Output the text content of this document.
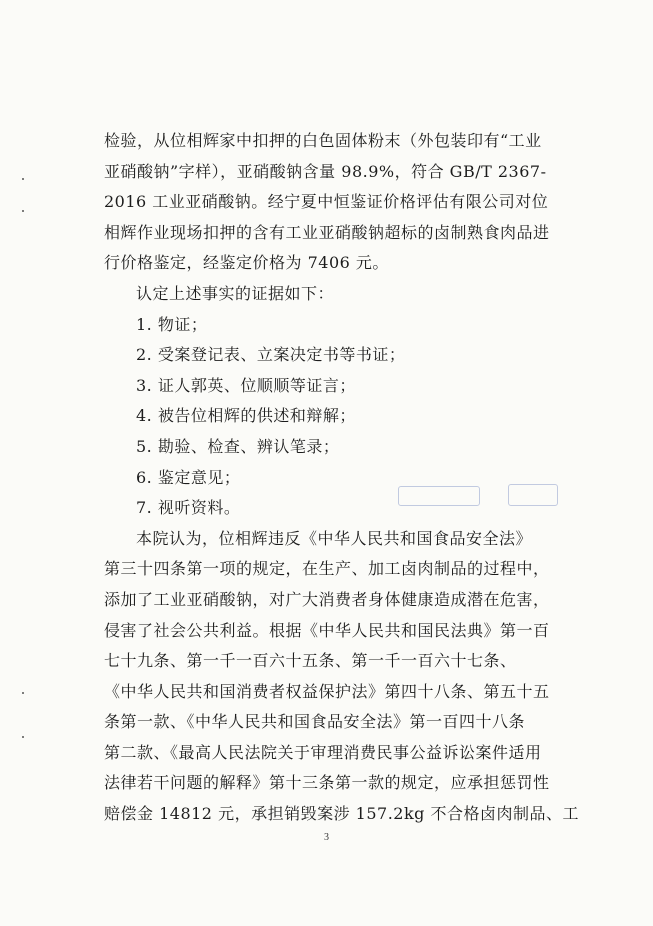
检验，从位相辉家中扣押的白色固体粉末（外包装印有“工业
亚硝酸钠”字样），亚硝酸钠含量 98.9%，符合 GB/T 2367-
2016 工业亚硝酸钠。经宁夏中恒鉴证价格评估有限公司对位
相辉作业现场扣押的含有工业亚硝酸钠超标的卤制熟食肉品进
行价格鉴定，经鉴定价格为 7406 元。
认定上述事实的证据如下：
1. 物证；
2. 受案登记表、立案决定书等书证；
3. 证人郭英、位顺顺等证言；
4. 被告位相辉的供述和辩解；
5. 勘验、检查、辨认笔录；
6. 鉴定意见；
7. 视听资料。
本院认为，位相辉违反《中华人民共和国食品安全法》
第三十四条第一项的规定，在生产、加工卤肉制品的过程中，
添加了工业亚硝酸钠，对广大消费者身体健康造成潜在危害，
侵害了社会公共利益。根据《中华人民共和国民法典》第一百
七十九条、第一千一百六十五条、第一千一百六十七条、
《中华人民共和国消费者权益保护法》第四十八条、第五十五
条第一款、《中华人民共和国食品安全法》第一百四十八条
第二款、《最高人民法院关于审理消费民事公益诉讼案件适用
法律若干问题的解释》第十三条第一款的规定，应承担惩罚性
赔偿金 14812 元，承担销毁案涉 157.2kg 不合格卤肉制品、工
3
